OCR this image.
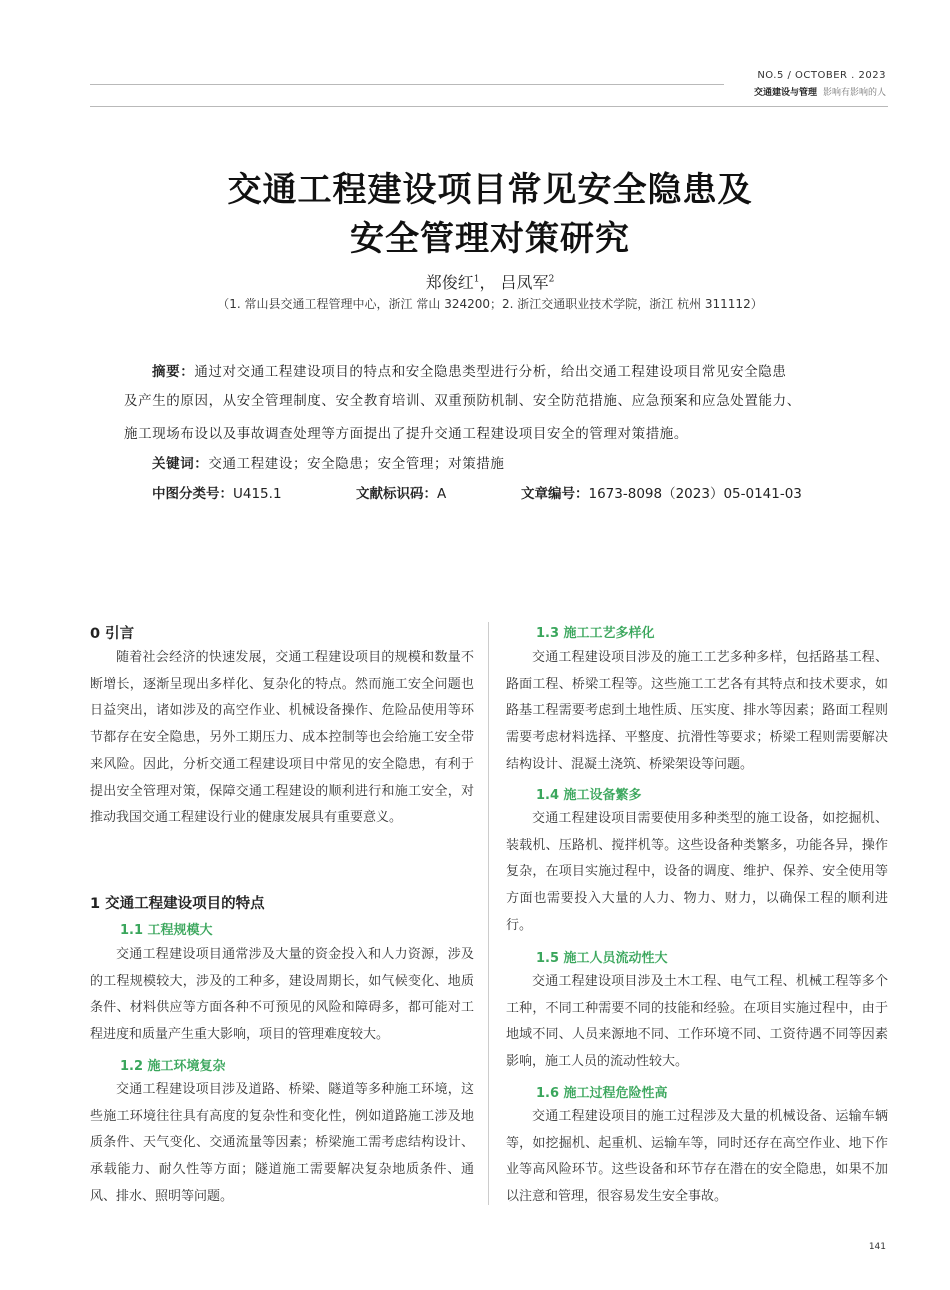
NO.5 / OCTOBER . 2023
交通建设与管理 影响有影响的人
交通工程建设项目常见安全隐患及
安全管理对策研究
郑俊红$^1$， 吕凤军$^2$
（1. 常山县交通工程管理中心，浙江 常山 324200；2. 浙江交通职业技术学院，浙江 杭州 311112）
摘要：通过对交通工程建设项目的特点和安全隐患类型进行分析，给出交通工程建设项目常见安全隐患
及产生的原因，从安全管理制度、安全教育培训、双重预防机制、安全防范措施、应急预案和应急处置能力、
施工现场布设以及事故调查处理等方面提出了提升交通工程建设项目安全的管理对策措施。
关键词：交通工程建设；安全隐患；安全管理；对策措施
中图分类号：U415.1	文献标识码：A	文章编号：1673-8098（2023）05-0141-03
0 引言

随着社会经济的快速发展，交通工程建设项目的规模和数量不断增长，逐渐呈现出多样化、复杂化的特点。然而施工安全问题也日益突出，诸如涉及的高空作业、机械设备操作、危险品使用等环节都存在安全隐患，另外工期压力、成本控制等也会给施工安全带来风险。因此，分析交通工程建设项目中常见的安全隐患，有利于提出安全管理对策，保障交通工程建设的顺利进行和施工安全，对推动我国交通工程建设行业的健康发展具有重要意义。

1 交通工程建设项目的特点
1.1 工程规模大

交通工程建设项目通常涉及大量的资金投入和人力资源，涉及的工程规模较大，涉及的工种多，建设周期长，如气候变化、地质条件、材料供应等方面各种不可预见的风险和障碍多，都可能对工程进度和质量产生重大影响，项目的管理难度较大。

1.2 施工环境复杂

交通工程建设项目涉及道路、桥梁、隧道等多种施工环境，这些施工环境往往具有高度的复杂性和变化性，例如道路施工涉及地质条件、天气变化、交通流量等因素；桥梁施工需考虑结构设计、承载能力、耐久性等方面；隧道施工需要解决复杂地质条件、通风、排水、照明等问题。

1.3 施工工艺多样化

交通工程建设项目涉及的施工工艺多种多样，包括路基工程、路面工程、桥梁工程等。这些施工工艺各有其特点和技术要求，如路基工程需要考虑到土地性质、压实度、排水等因素；路面工程则需要考虑材料选择、平整度、抗滑性等要求；桥梁工程则需要解决结构设计、混凝土浇筑、桥梁架设等问题。

1.4 施工设备繁多

交通工程建设项目需要使用多种类型的施工设备，如挖掘机、装载机、压路机、搅拌机等。这些设备种类繁多，功能各异，操作复杂，在项目实施过程中，设备的调度、维护、保养、安全使用等方面也需要投入大量的人力、物力、财力，以确保工程的顺利进行。

1.5 施工人员流动性大

交通工程建设项目涉及土木工程、电气工程、机械工程等多个工种，不同工种需要不同的技能和经验。在项目实施过程中，由于地域不同、人员来源地不同、工作环境不同、工资待遇不同等因素影响，施工人员的流动性较大。

1.6 施工过程危险性高

交通工程建设项目的施工过程涉及大量的机械设备、运输车辆等，如挖掘机、起重机、运输车等，同时还存在高空作业、地下作业等高风险环节。这些设备和环节存在潜在的安全隐患，如果不加以注意和管理，很容易发生安全事故。

141
